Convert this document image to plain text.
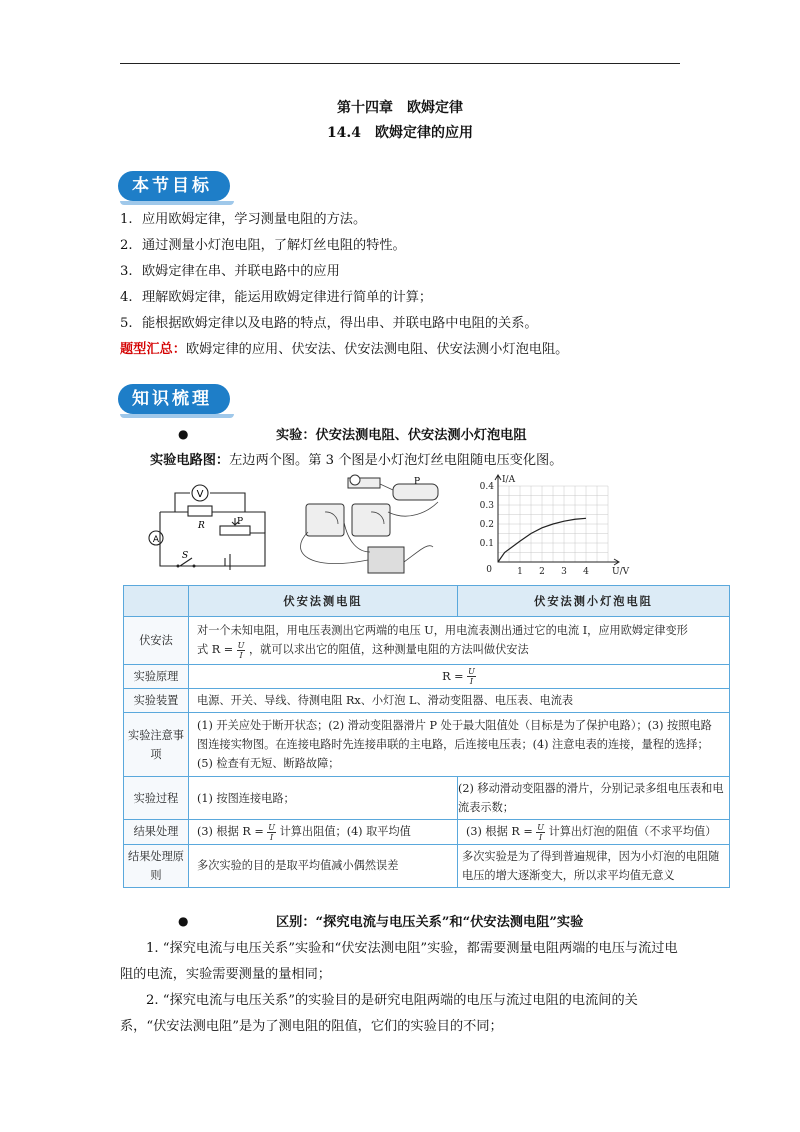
第十四章　欧姆定律
14.4　欧姆定律的应用
本节目标
1. 应用欧姆定律，学习测量电阻的方法。
2. 通过测量小灯泡电阻，了解灯丝电阻的特性。
3. 欧姆定律在串、并联电路中的应用
4. 理解欧姆定律，能运用欧姆定律进行简单的计算；
5. 能根据欧姆定律以及电路的特点，得出串、并联电路中电阻的关系。
题型汇总：欧姆定律的应用、伏安法、伏安法测电阻、伏安法测小灯泡电阻。
知识梳理
●	实验：伏安法测电阻、伏安法测小灯泡电阻
实验电路图：左边两个图。第 3 个图是小灯泡灯丝电阻随电压变化图。
V
A
R	P
S
P
1 2 3 4
0.1
0.2
0.3
0.4
0
I/A
U/V
	伏安法测电阻	伏安法测小灯泡电阻
伏安法	对一个未知电阻，用电压表测出它两端的电压 U，用电流表测出通过它的电流 I，应用欧姆定律变形
式 $R = \frac{U}{I}$ ，就可以求出它的阻值，这种测量电阻的方法叫做伏安法	
实验原理	$R = \frac{U}{I}$

实验装置	电源、开关、导线、待测电阻 Rx、小灯泡 L、滑动变阻器、电压表、电流表	
实验注意事项	(1) 开关应处于断开状态；(2) 滑动变阻器滑片 P 处于最大阻值处（目标是为了保护电路）；(3) 按照电路图连接实物图。在连接电路时先连接串联的主电路，后连接电压表；(4) 注意电表的连接，量程的选择；(5) 检查有无短、断路故障；	
实验过程	(1) 按图连接电路；	(2) 移动滑动变阻器的滑片，分别记录多组电压表和电流表示数；
结果处理	(3) 根据 $R = \frac{U}{I}$ 计算出阻值；(4) 取平均值	(3) 根据 $R = \frac{U}{I}$ 计算出灯泡的阻值（不求平均值）
结果处理原则	多次实验的目的是取平均值减小偶然误差	多次实验是为了得到普遍规律，因为小灯泡的电阻随电压的增大逐渐变大，所以求平均值无意义
●	区别：“探究电流与电压关系”和“伏安法测电阻”实验
1. “探究电流与电压关系”实验和“伏安法测电阻”实验，都需要测量电阻两端的电压与流过电阻的电流，实验需要测量的量相同；
2. “探究电流与电压关系”的实验目的是研究电阻两端的电压与流过电阻的电流间的关系，“伏安法测电阻”是为了测电阻的阻值，它们的实验目的不同；
